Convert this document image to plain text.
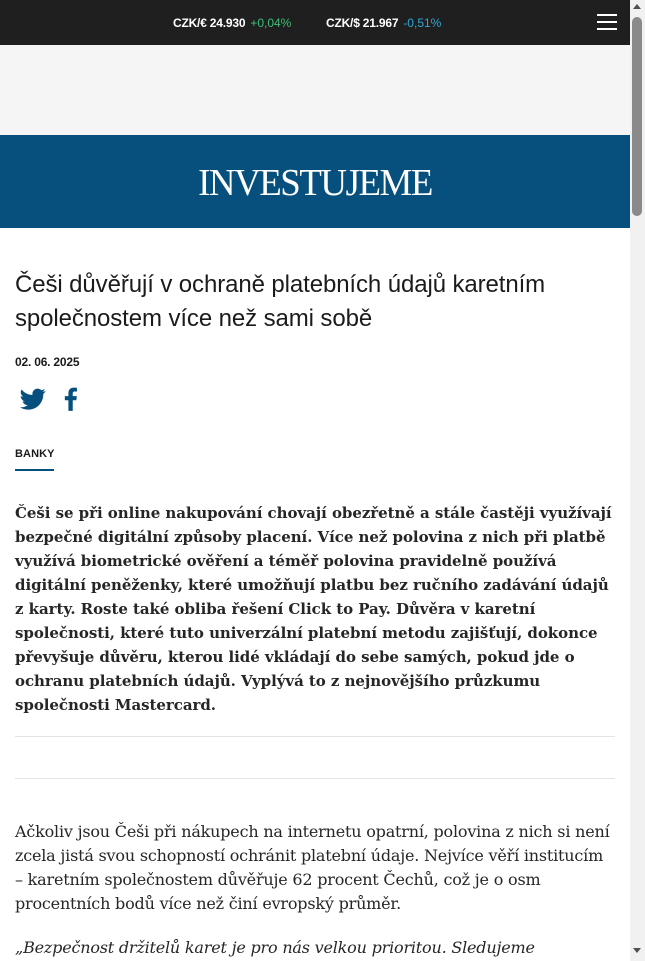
CZK/€ 24.930 +0,04%	CZK/$ 21.967 -0,51%
INVESTUJEME
Češi důvěřují v ochraně platebních údajů karetním společnostem více než sami sobě
02. 06. 2025
BANKY

Češi se při online nakupování chovají obezřetně a stále častěji využívají bezpečné digitální způsoby placení. Více než polovina z nich při platbě využívá biometrické ověření a téměř polovina pravidelně používá digitální peněženky, které umožňují platbu bez ručního zadávání údajů z karty. Roste také obliba řešení Click to Pay. Důvěra v karetní společnosti, které tuto univerzální platební metodu zajišťují, dokonce převyšuje důvěru, kterou lidé vkládají do sebe samých, pokud jde o ochranu platebních údajů. Vyplývá to z nejnovějšího průzkumu společnosti Mastercard.

Ačkoliv jsou Češi při nákupech na internetu opatrní, polovina z nich si není zcela jistá svou schopností ochránit platební údaje. Nejvíce věří institucím – karetním společnostem důvěřuje 62 procent Čechů, což je o osm procentních bodů více než činí evropský průměr.

„Bezpečnost držitelů karet je pro nás velkou prioritou. Sledujeme
